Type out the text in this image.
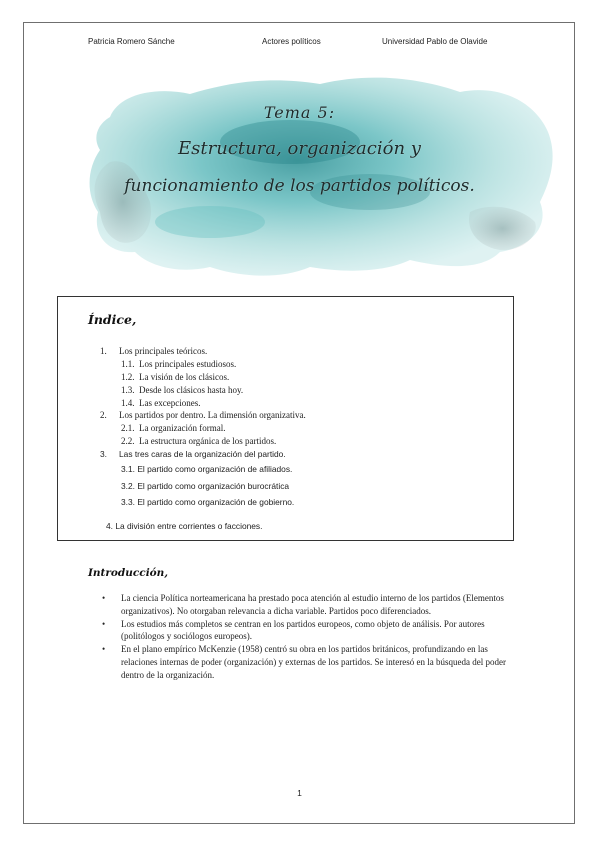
Patricia Romero Sánche	Actores políticos	Universidad Pablo de Olavide
Tema 5:
Estructura, organización y
funcionamiento de los partidos políticos.
Índice,
1. Los principales teóricos.
1.1. Los principales estudiosos.
1.2. La visión de los clásicos.
1.3. Desde los clásicos hasta hoy.
1.4. Las excepciones.
2. Los partidos por dentro. La dimensión organizativa.
2.1. La organización formal.
2.2. La estructura orgánica de los partidos.
3. Las tres caras de la organización del partido.
3.1. El partido como organización de afiliados.
3.2. El partido como organización burocrática
3.3. El partido como organización de gobierno.
4. La división entre corrientes o facciones.
Introducción,
• La ciencia Política norteamericana ha prestado poca atención al estudio interno de los partidos (Elementos organizativos). No otorgaban relevancia a dicha variable. Partidos poco diferenciados.
• Los estudios más completos se centran en los partidos europeos, como objeto de análisis. Por autores (politólogos y sociólogos europeos).
• En el plano empírico McKenzie (1958) centró su obra en los partidos británicos, profundizando en las relaciones internas de poder (organización) y externas de los partidos. Se interesó en la búsqueda del poder dentro de la organización.
1
